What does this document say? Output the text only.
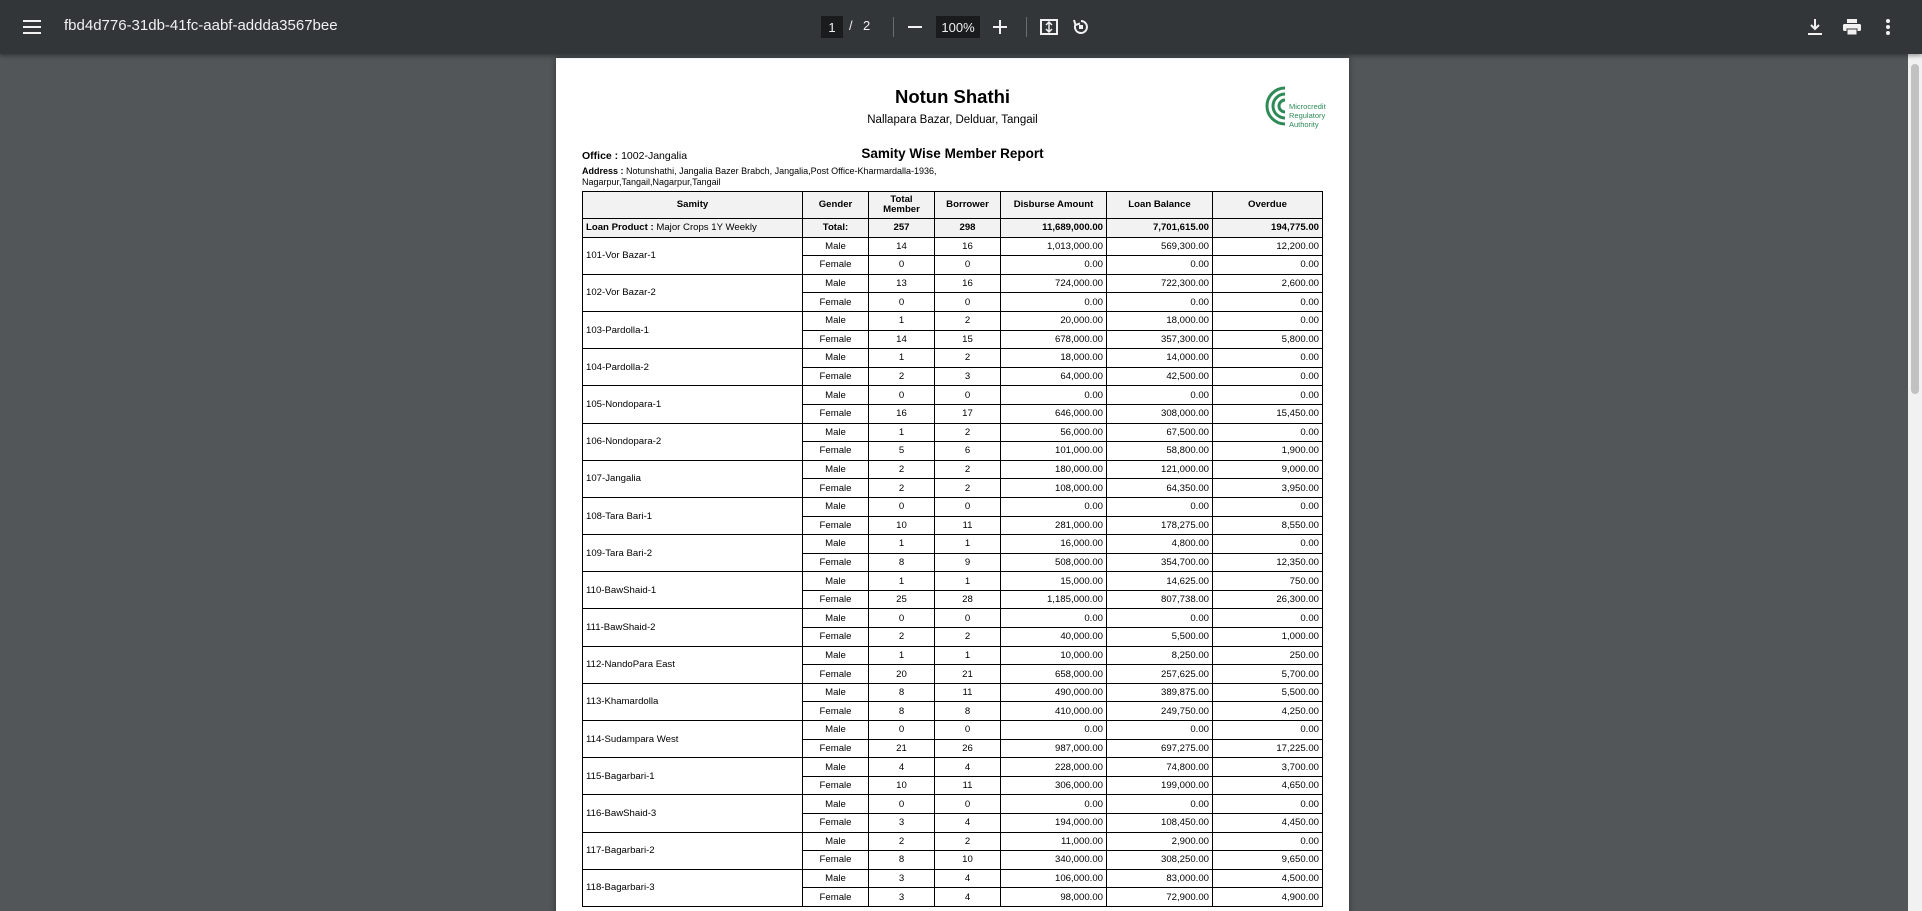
fbd4d776-31db-41fc-aabf-addda3567bee	1	/ 2	100%
Notun Shathi
Nallapara Bazar, Delduar, Tangail
Microcredit
Regulatory
Authority
Office : 1002-Jangalia	Samity Wise Member Report
Address : Notunshathi, Jangalia Bazer Brabch, Jangalia,Post Office-Kharmardalla-1936, Nagarpur,Tangail,Nagarpur,Tangail
Samity	Gender	Total Member	Borrower	Disburse Amount	Loan Balance	Overdue
Loan Product : Major Crops 1Y Weekly	Total:	257	298	11,689,000.00	7,701,615.00	194,775.00
101-Vor Bazar-1	Male	14	16	1,013,000.00	569,300.00	12,200.00
	Female	0	0	0.00	0.00	0.00
102-Vor Bazar-2	Male	13	16	724,000.00	722,300.00	2,600.00
	Female	0	0	0.00	0.00	0.00
103-Pardolla-1	Male	1	2	20,000.00	18,000.00	0.00
	Female	14	15	678,000.00	357,300.00	5,800.00
104-Pardolla-2	Male	1	2	18,000.00	14,000.00	0.00
	Female	2	3	64,000.00	42,500.00	0.00
105-Nondopara-1	Male	0	0	0.00	0.00	0.00
	Female	16	17	646,000.00	308,000.00	15,450.00
106-Nondopara-2	Male	1	2	56,000.00	67,500.00	0.00
	Female	5	6	101,000.00	58,800.00	1,900.00
107-Jangalia	Male	2	2	180,000.00	121,000.00	9,000.00
	Female	2	2	108,000.00	64,350.00	3,950.00
108-Tara Bari-1	Male	0	0	0.00	0.00	0.00
	Female	10	11	281,000.00	178,275.00	8,550.00
109-Tara Bari-2	Male	1	1	16,000.00	4,800.00	0.00
	Female	8	9	508,000.00	354,700.00	12,350.00
110-BawShaid-1	Male	1	1	15,000.00	14,625.00	750.00
	Female	25	28	1,185,000.00	807,738.00	26,300.00
111-BawShaid-2	Male	0	0	0.00	0.00	0.00
	Female	2	2	40,000.00	5,500.00	1,000.00
112-NandoPara East	Male	1	1	10,000.00	8,250.00	250.00
	Female	20	21	658,000.00	257,625.00	5,700.00
113-Khamardolla	Male	8	11	490,000.00	389,875.00	5,500.00
	Female	8	8	410,000.00	249,750.00	4,250.00
114-Sudampara West	Male	0	0	0.00	0.00	0.00
	Female	21	26	987,000.00	697,275.00	17,225.00
115-Bagarbari-1	Male	4	4	228,000.00	74,800.00	3,700.00
	Female	10	11	306,000.00	199,000.00	4,650.00
116-BawShaid-3	Male	0	0	0.00	0.00	0.00
	Female	3	4	194,000.00	108,450.00	4,450.00
117-Bagarbari-2	Male	2	2	11,000.00	2,900.00	0.00
	Female	8	10	340,000.00	308,250.00	9,650.00
118-Bagarbari-3	Male	3	4	106,000.00	83,000.00	4,500.00
	Female	3	4	98,000.00	72,900.00	4,900.00
